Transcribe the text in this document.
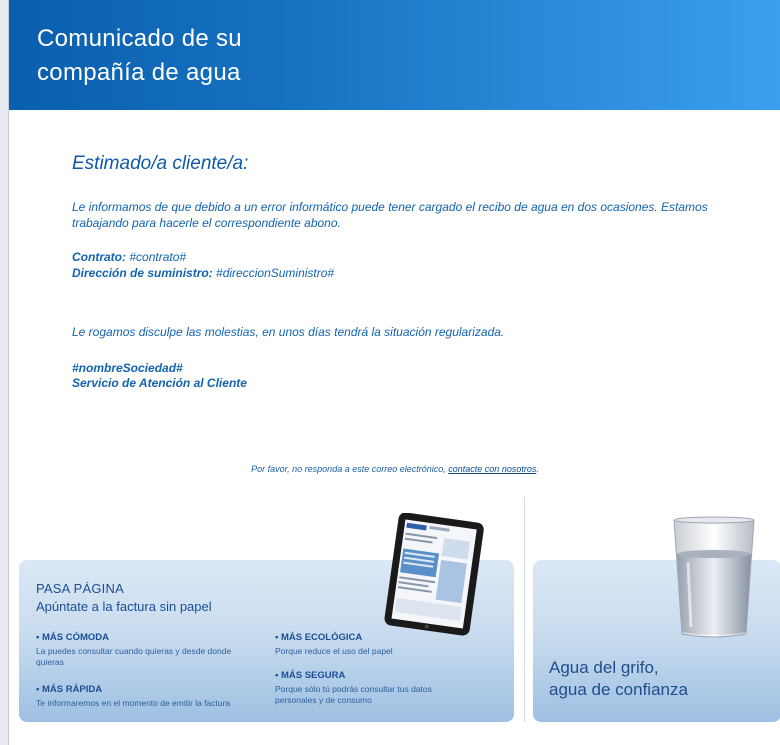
Comunicado de su
compañía de agua
Estimado/a cliente/a:
Le informamos de que debido a un error informático puede tener cargado el recibo de agua en dos ocasiones. Estamos trabajando para hacerle el correspondiente abono.
Contrato: #contrato#
Dirección de suministro: #direccionSuministro#
Le rogamos disculpe las molestias, en unos días tendrá la situación regularizada.
#nombreSociedad#
Servicio de Atención al Cliente
Por favor, no responda a este correo electrónico, contacte con nosotros.
PASA PÁGINA
Apúntate a la factura sin papel
• MÁS CÓMODA
La puedes consultar cuando quieras y desde donde quieras
• MÁS RÁPIDA
Te informaremos en el momento de emitir la factura
• MÁS ECOLÓGICA
Porque reduce el uso del papel
• MÁS SEGURA
Porque sólo tú podrás consultar tus datos personales y de consumo
Agua del grifo,
agua de confianza
